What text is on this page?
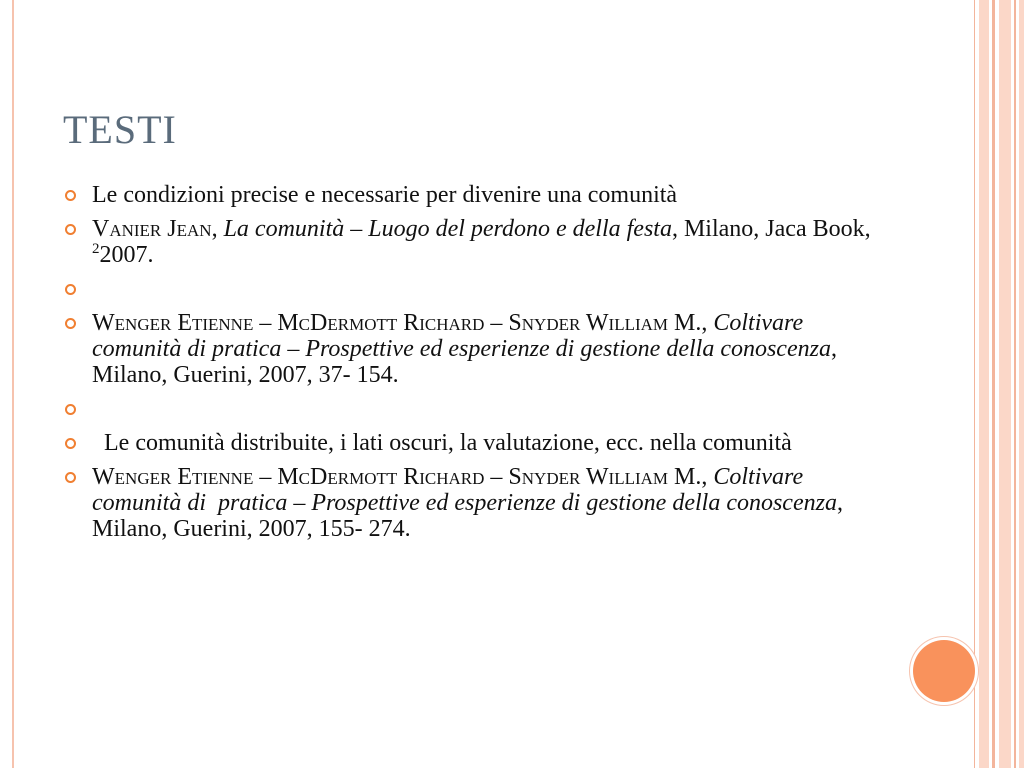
TESTI
Le condizioni precise e necessarie per divenire una comunità
Vanier Jean, La comunità – Luogo del perdono e della festa, Milano, Jaca Book, $^2$2007.
Wenger Etienne – McDermott Richard – Snyder William M., Coltivare comunità di pratica – Prospettive ed esperienze di gestione della conoscenza, Milano, Guerini, 2007, 37- 154.
Le comunità distribuite, i lati oscuri, la valutazione, ecc. nella comunità
Wenger Etienne – McDermott Richard – Snyder William M., Coltivare comunità di  pratica – Prospettive ed esperienze di gestione della conoscenza, Milano, Guerini, 2007, 155- 274.
